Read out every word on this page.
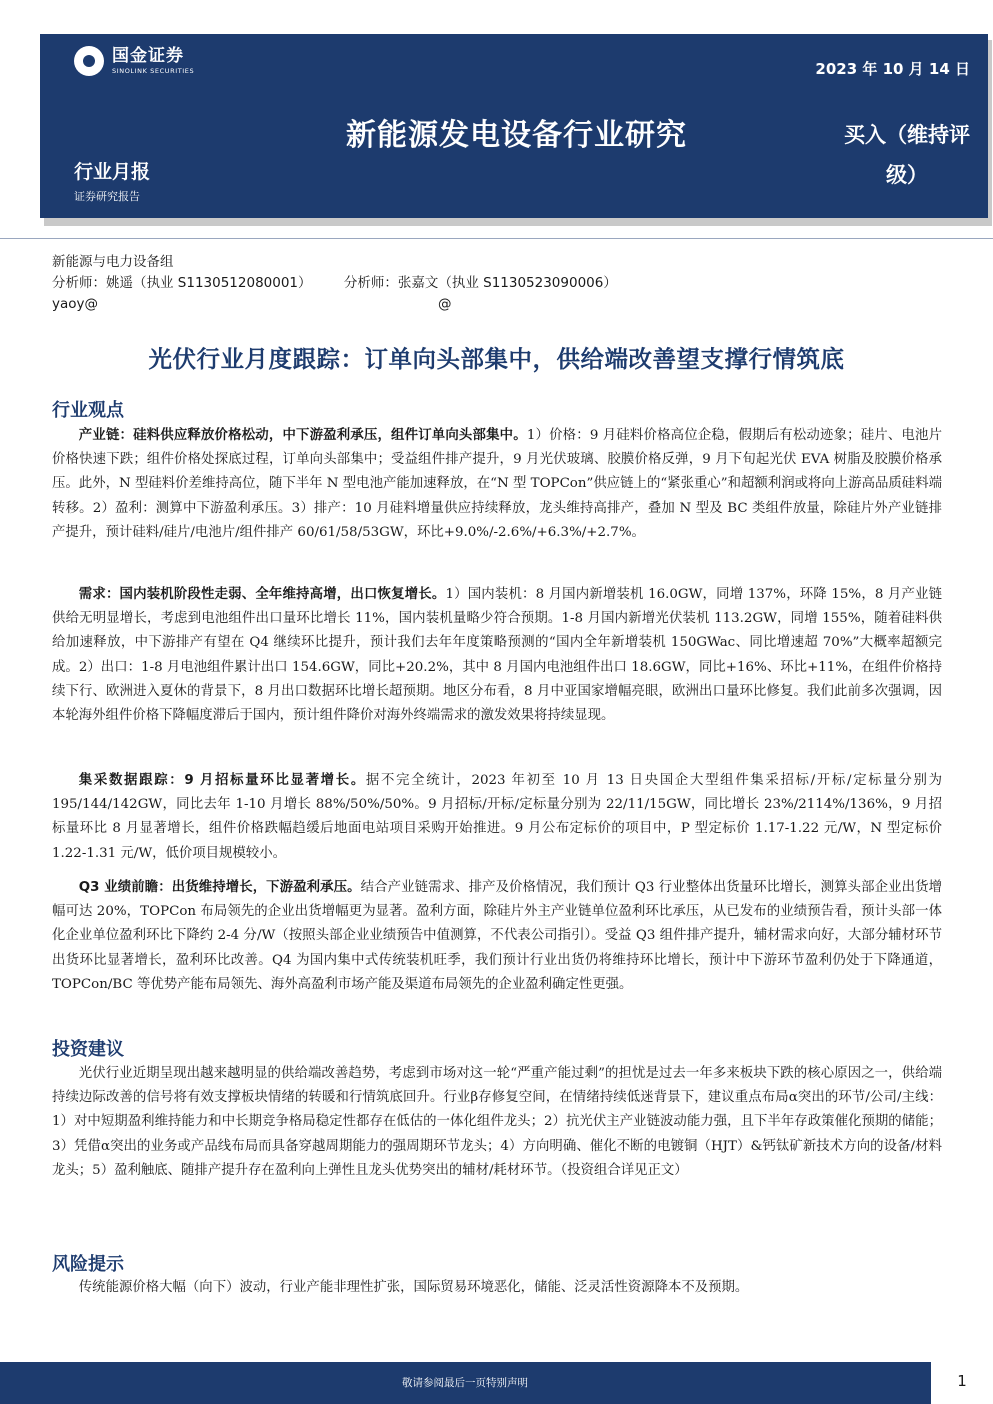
国金证券
SINOLINK SECURITIES	2023 年 10 月 14 日
新能源发电设备行业研究	买入（维持评
级）
行业月报
证券研究报告
新能源与电力设备组
分析师：姚遥（执业 S1130512080001） 分析师：张嘉文（执业 S1130523090006）
yaoy@	@
光伏行业月度跟踪：订单向头部集中，供给端改善望支撑行情筑底
行业观点
产业链：硅料供应释放价格松动，中下游盈利承压，组件订单向头部集中。1）价格：9 月硅料价格高位企稳，假期后有松动迹象；硅片、电池片价格快速下跌；组件价格处探底过程，订单向头部集中；受益组件排产提升，9 月光伏玻璃、胶膜价格反弹，9 月下旬起光伏 EVA 树脂及胶膜价格承压。此外，N 型硅料价差维持高位，随下半年 N 型电池产能加速释放，在“N 型 TOPCon”供应链上的“紧张重心”和超额利润或将向上游高品质硅料端转移。2）盈利：测算中下游盈利承压。3）排产：10 月硅料增量供应持续释放，龙头维持高排产，叠加 N 型及 BC 类组件放量，除硅片外产业链排产提升，预计硅料/硅片/电池片/组件排产 60/61/58/53GW，环比+9.0%/-2.6%/+6.3%/+2.7%。
需求：国内装机阶段性走弱、全年维持高增，出口恢复增长。1）国内装机：8 月国内新增装机 16.0GW，同增 137%，环降 15%，8 月产业链供给无明显增长，考虑到电池组件出口量环比增长 11%，国内装机量略少符合预期。1-8 月国内新增光伏装机 113.2GW，同增 155%，随着硅料供给加速释放，中下游排产有望在 Q4 继续环比提升，预计我们去年年度策略预测的“国内全年新增装机 150GWac、同比增速超 70%”大概率超额完成。2）出口：1-8 月电池组件累计出口 154.6GW，同比+20.2%，其中 8 月国内电池组件出口 18.6GW，同比+16%、环比+11%，在组件价格持续下行、欧洲进入夏休的背景下，8 月出口数据环比增长超预期。地区分布看，8 月中亚国家增幅亮眼，欧洲出口量环比修复。我们此前多次强调，因本轮海外组件价格下降幅度滞后于国内，预计组件降价对海外终端需求的激发效果将持续显现。
集采数据跟踪：9 月招标量环比显著增长。据不完全统计，2023 年初至 10 月 13 日央国企大型组件集采招标/开标/定标量分别为 195/144/142GW，同比去年 1-10 月增长 88%/50%/50%。9 月招标/开标/定标量分别为 22/11/15GW，同比增长 23%/2114%/136%，9 月招标量环比 8 月显著增长，组件价格跌幅趋缓后地面电站项目采购开始推进。9 月公布定标价的项目中，P 型定标价 1.17-1.22 元/W，N 型定标价 1.22-1.31 元/W，低价项目规模较小。
Q3 业绩前瞻：出货维持增长，下游盈利承压。结合产业链需求、排产及价格情况，我们预计 Q3 行业整体出货量环比增长，测算头部企业出货增幅可达 20%，TOPCon 布局领先的企业出货增幅更为显著。盈利方面，除硅片外主产业链单位盈利环比承压，从已发布的业绩预告看，预计头部一体化企业单位盈利环比下降约 2-4 分/W（按照头部企业业绩预告中值测算，不代表公司指引）。受益 Q3 组件排产提升，辅材需求向好，大部分辅材环节出货环比显著增长，盈利环比改善。Q4 为国内集中式传统装机旺季，我们预计行业出货仍将维持环比增长，预计中下游环节盈利仍处于下降通道，TOPCon/BC 等优势产能布局领先、海外高盈利市场产能及渠道布局领先的企业盈利确定性更强。
投资建议
光伏行业近期呈现出越来越明显的供给端改善趋势，考虑到市场对这一轮“严重产能过剩”的担忧是过去一年多来板块下跌的核心原因之一，供给端持续边际改善的信号将有效支撑板块情绪的转暖和行情筑底回升。行业β存修复空间，在情绪持续低迷背景下，建议重点布局α突出的环节/公司/主线：1）对中短期盈利维持能力和中长期竞争格局稳定性都存在低估的一体化组件龙头；2）抗光伏主产业链波动能力强，且下半年存政策催化预期的储能；3）凭借α突出的业务或产品线布局而具备穿越周期能力的强周期环节龙头；4）方向明确、催化不断的电镀铜（HJT）&钙钛矿新技术方向的设备/材料龙头；5）盈利触底、随排产提升存在盈利向上弹性且龙头优势突出的辅材/耗材环节。（投资组合详见正文）
风险提示
传统能源价格大幅（向下）波动，行业产能非理性扩张，国际贸易环境恶化，储能、泛灵活性资源降本不及预期。
敬请参阅最后一页特别声明	1
